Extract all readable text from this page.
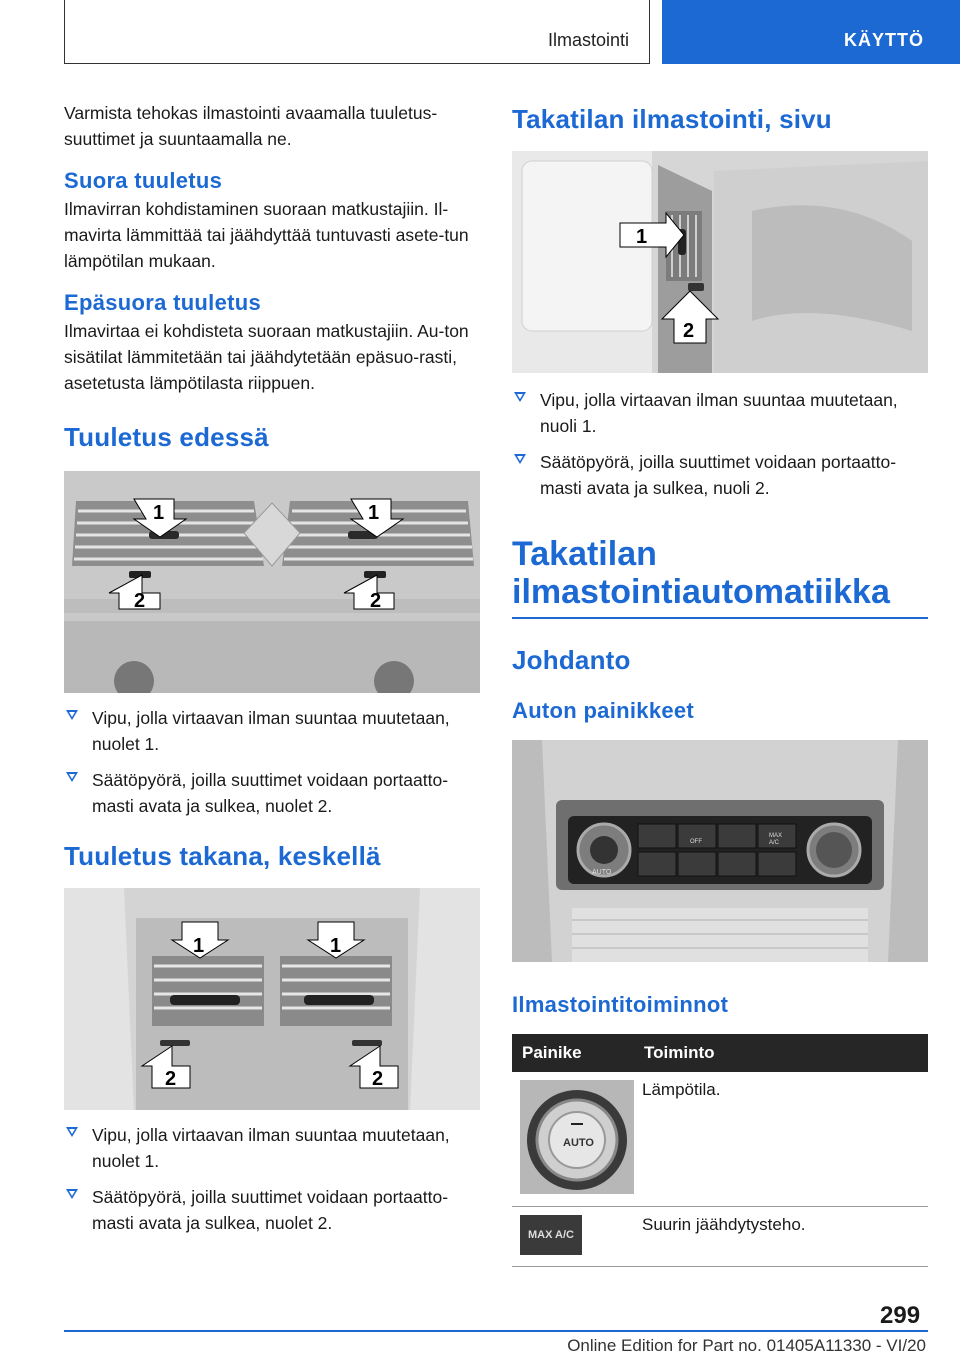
Ilmastointi	KÄYTTÖ

Varmista tehokas ilmastointi avaamalla tuuletus-suuttimet ja suuntaamalla ne.

Suora tuuletus

Ilmavirran kohdistaminen suoraan matkustajiin. Il-mavirta lämmittää tai jäähdyttää tuntuvasti asete-tun lämpötilan mukaan.

Epäsuora tuuletus

Ilmavirtaa ei kohdisteta suoraan matkustajiin. Au-ton sisätilat lämmitetään tai jäähdytetään epäsuo-rasti, asetetusta lämpötilasta riippuen.

Tuuletus edessä
1	1
2	2
Vipu, jolla virtaavan ilman suuntaa muutetaan, nuolet 1.
Säätöpyörä, joilla suuttimet voidaan portaatto-masti avata ja sulkea, nuolet 2.
Tuuletus takana, keskellä
1	1
2	2
Vipu, jolla virtaavan ilman suuntaa muutetaan, nuolet 1.
Säätöpyörä, joilla suuttimet voidaan portaatto-masti avata ja sulkea, nuolet 2.
Takatilan ilmastointi, sivu
1
2
Vipu, jolla virtaavan ilman suuntaa muutetaan, nuoli 1.
Säätöpyörä, joilla suuttimet voidaan portaatto-masti avata ja sulkea, nuoli 2.
Takatilan ilmastointiautomatiikka
Johdanto
Auton painikkeet
AUTO
OFF
MAX
A/C
Ilmastointitoiminnot
Painike	Toiminto

AUTO	Lämpötila.

MAX A/C	Suurin jäähdytysteho.
299
Online Edition for Part no. 01405A11330 - VI/20
